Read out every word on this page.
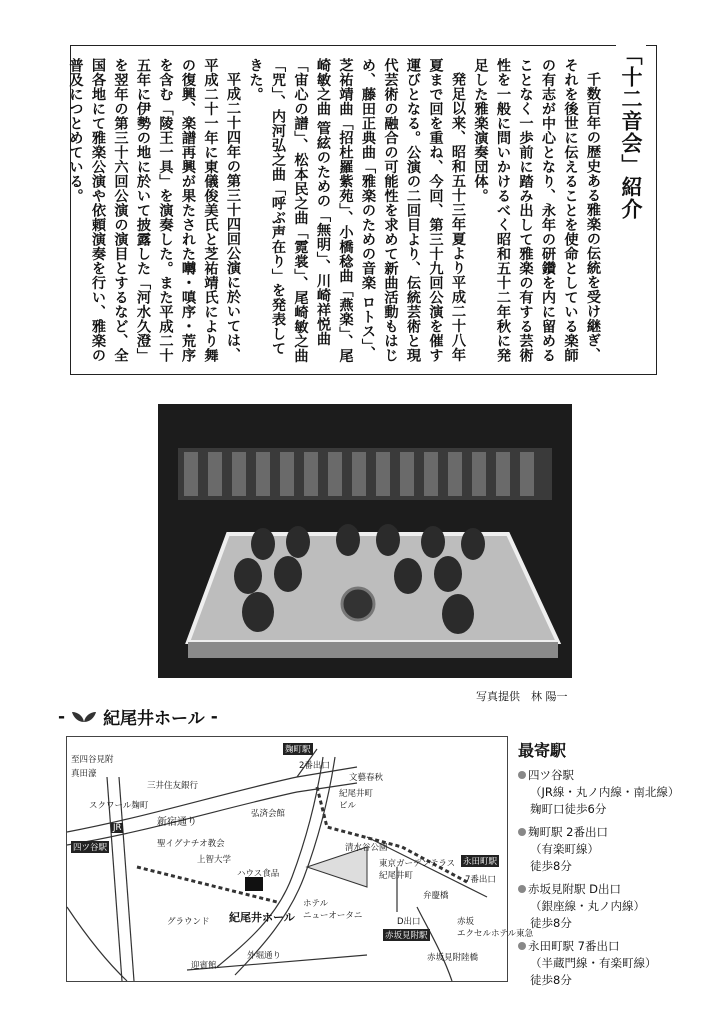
「十二音会」紹介

千数百年の歴史ある雅楽の伝統を受け継ぎ、それを後世に伝えることを使命としている楽師の有志が中心となり、永年の研鑽を内に留めることなく一歩前に踏み出して雅楽の有する芸術性を一般に問いかけるべく昭和五十二年秋に発足した雅楽演奏団体。

発足以来、昭和五十三年夏より平成二十八年夏まで回を重ね、今回、第三十九回公演を催す運びとなる。公演の二回目より、伝統芸術と現代芸術の融合の可能性を求めて新曲活動もはじめ、藤田正典曲「雅楽のための音楽 ロトス」、芝祐靖曲「招杜羅紫苑」、小橋稔曲「燕楽」、尾崎敏之曲 管絃のための「無明」、川崎祥悦曲「宙心の譜」、松本民之曲「霓裳」、尾崎敏之曲「咒」、内河弘之曲「呼ぶ声在り」を発表してきた。

平成二十四年の第三十四回公演に於いては、平成二十一年に東儀俊美氏と芝祐靖氏により舞の復興、楽譜再興が果たされた囀・嗔序・荒序を含む「陵王一具」を演奏した。また平成二十五年に伊勢の地に於いて披露した「河水久澄」を翌年の第三十六回公演の演目とするなど、全国各地にて雅楽公演や依頼演奏を行い、雅楽の普及につとめている。

写真提供　林 陽一
- 紀尾井ホール -
麹町駅
2番出口
文藝春秋
紀尾井町
ビル
三井住友銀行
スクワール麹町
新宿通り
弘済会館
聖イグナチオ教会
上智大学
ハウス食品
四ツ谷駅
JR
紀尾井ホール
グラウンド
迎賓館
外堀通り
ホテル
ニューオータニ
清水谷公園
東京ガーデンテラス
紀尾井町
永田町駅
7番出口
弁慶橋
D出口
赤坂見附駅
赤坂
エクセルホテル東急
赤坂見附陸橋
真田濠
至四谷見附	最寄駅
四ツ谷駅
（JR線・丸ノ内線・南北線）
麹町口徒歩6分
麹町駅 2番出口
（有楽町線）
徒歩8分
赤坂見附駅 D出口
（銀座線・丸ノ内線）
徒歩8分
永田町駅 7番出口
（半蔵門線・有楽町線）
徒歩8分
